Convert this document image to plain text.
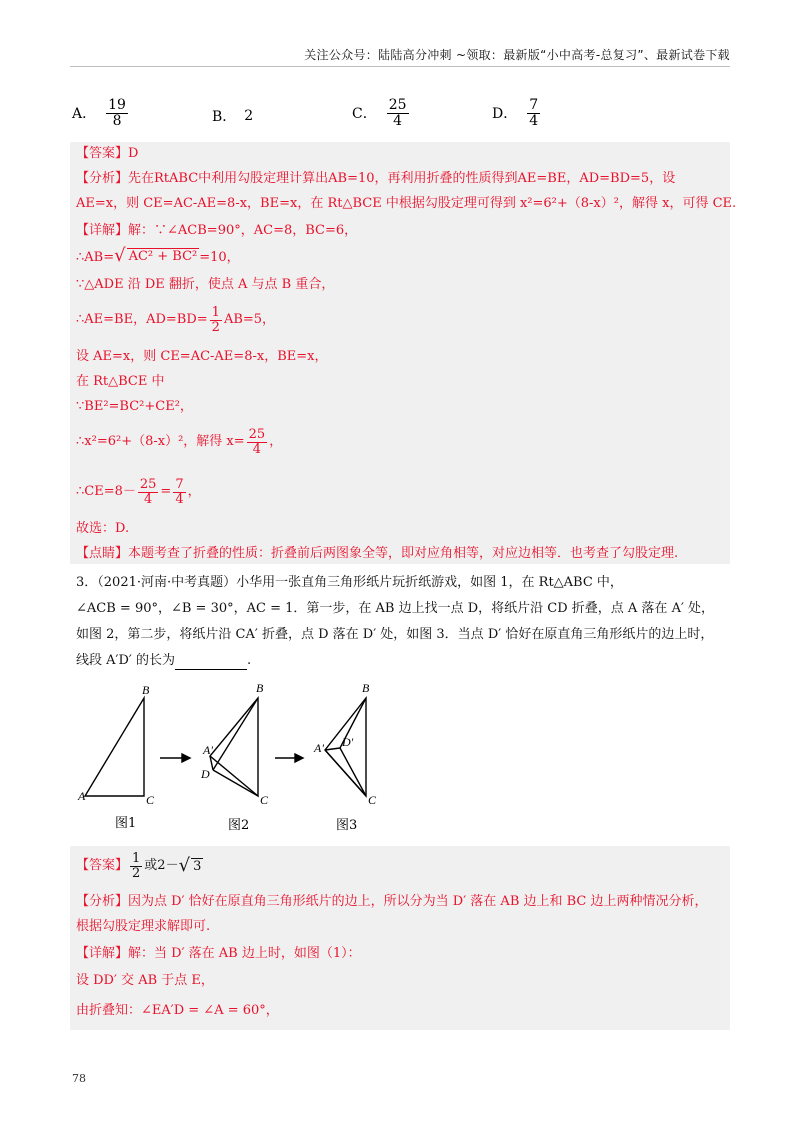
关注公众号：陆陆高分冲刺 ~领取：最新版“小中高考-总复习”、最新试卷下载
A． $\frac{19}{8}$	B． 2	C． $\frac{25}{4}$	D． $\frac{7}{4}$
【答案】D
【分析】先在RtABC中利用勾股定理计算出AB=10，再利用折叠的性质得到AE=BE，AD=BD=5，设
AE=x，则 CE=AC-AE=8-x，BE=x，在 Rt△BCE 中根据勾股定理可得到 x²=6²+（8-x）²，解得 x，可得 CE.
【详解】解：∵∠ACB=90°，AC=8，BC=6，
∴AB= √ AC² + BC² =10，
∵△ADE 沿 DE 翻折，使点 A 与点 B 重合，
∴AE=BE，$AD=BD= \frac{1}{2} AB=5$，
设 AE=x，则 CE=AC-AE=8-x，BE=x，
在 Rt△BCE 中
∵BE²=BC²+CE²，
∴x²=6²+（8-x）²，解得 $x= \frac{25}{4}$ ，
∴CE=8－ $\frac{25}{4} = \frac{7}{4}$ ，
故选：D.
【点睛】本题考查了折叠的性质：折叠前后两图象全等，即对应角相等，对应边相等．也考查了勾股定理.
3．（2021·河南·中考真题）小华用一张直角三角形纸片玩折纸游戏，如图 1，在 Rt△ABC 中，
∠ACB = 90°，∠B = 30°，AC = 1．第一步，在 AB 边上找一点 D，将纸片沿 CD 折叠，点 A 落在 A′ 处，
如图 2，第二步，将纸片沿 CA′ 折叠，点 D 落在 D′ 处，如图 3．当点 D′ 恰好在原直角三角形纸片的边上时，
线段 A′D′ 的长为	.
B
A	C
B
A'
D
C
B
A' D'
C
图1	图2	图3
【答案】 $\frac{1}{2}$ 或2－ √ 3
【分析】因为点 D′ 恰好在原直角三角形纸片的边上，所以分为当 D′ 落在 AB 边上和 BC 边上两种情况分析，
根据勾股定理求解即可.
【详解】解：当 D′ 落在 AB 边上时，如图（1）：
设 DD′ 交 AB 于点 E，
由折叠知：∠EA′D = ∠A = 60°，
78
